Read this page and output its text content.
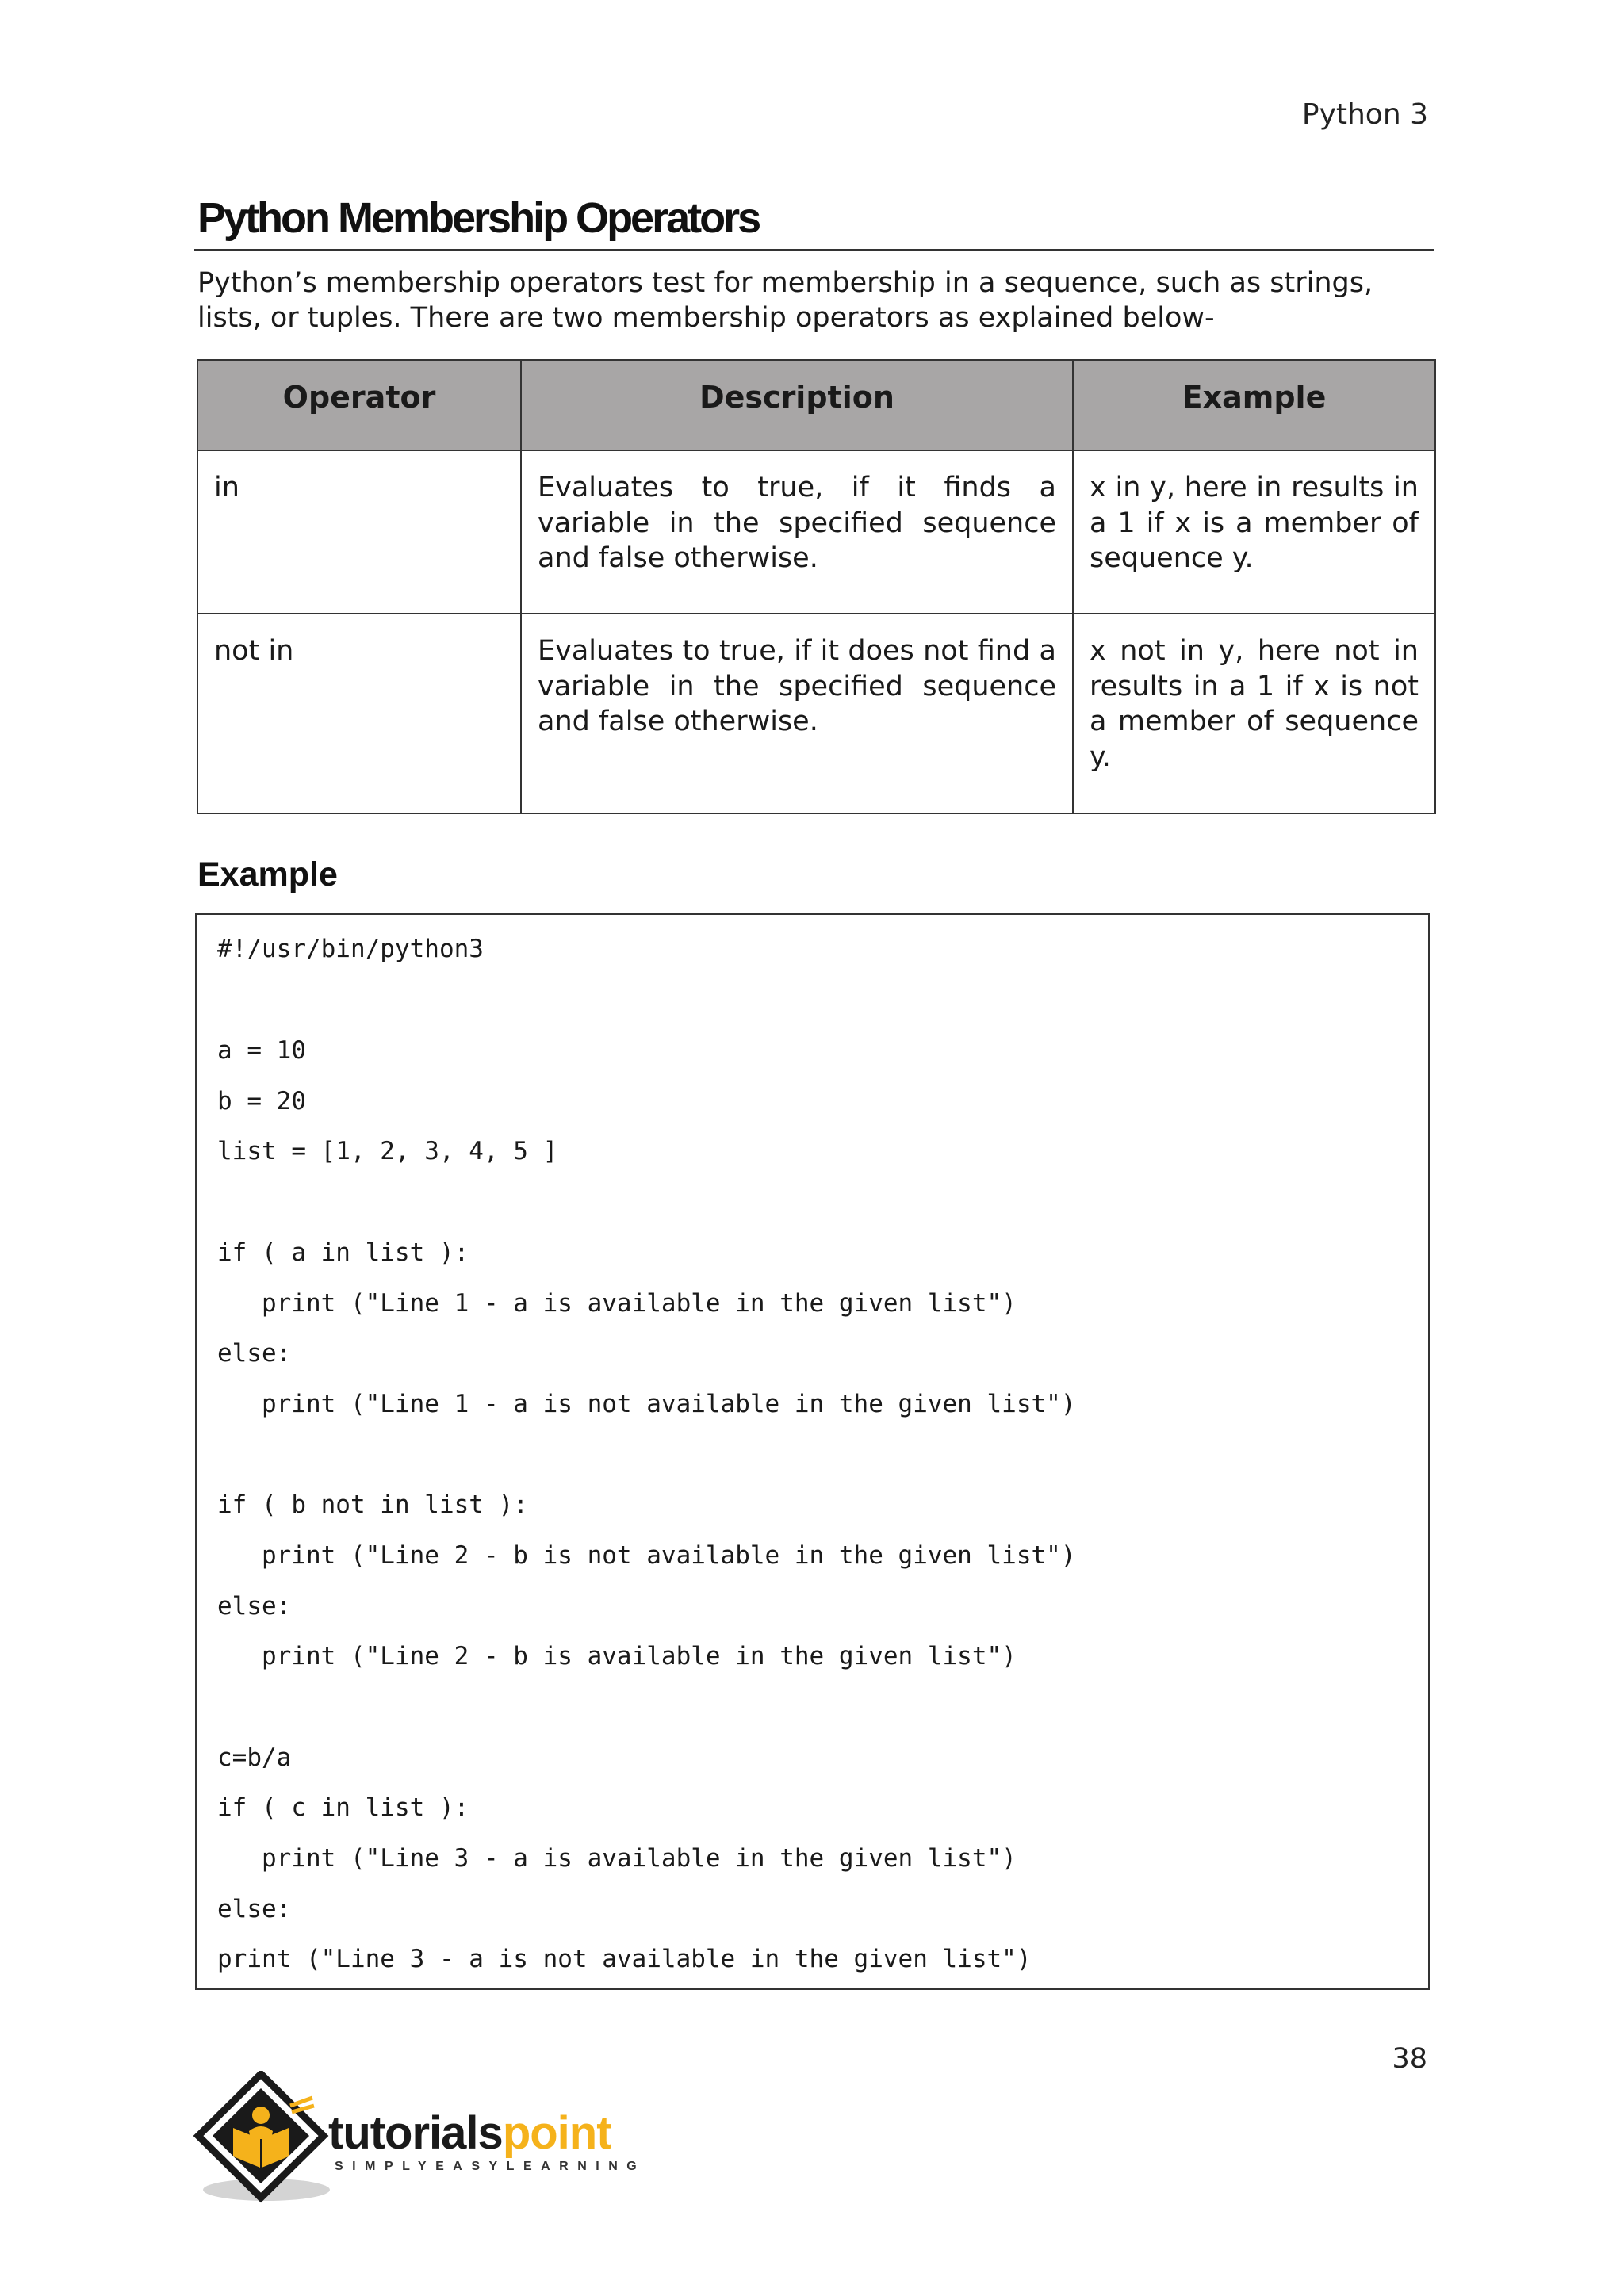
Python 3
Python Membership Operators

Python’s membership operators test for membership in a sequence, such as strings, lists, or tuples. There are two membership operators as explained below-

Operator	Description	Example
in	Evaluates to true, if it finds a variable in the specified sequence and false otherwise.	x in y, here in results in a 1 if x is a member of sequence y.
not in	Evaluates to true, if it does not find a variable in the specified sequence and false otherwise.	x not in y, here not in results in a 1 if x is not a member of sequence y.
Example
#!/usr/bin/python3
a = 10
b = 20
list = [1, 2, 3, 4, 5 ]
if ( a in list ):
print ("Line 1 - a is available in the given list")
else:
print ("Line 1 - a is not available in the given list")
if ( b not in list ):
print ("Line 2 - b is not available in the given list")
else:
print ("Line 2 - b is available in the given list")
c=b/a
if ( c in list ):
print ("Line 3 - a is available in the given list")
else:
print ("Line 3 - a is not available in the given list")
38
tutorialspoint
SIMPLYEASYLEARNING
